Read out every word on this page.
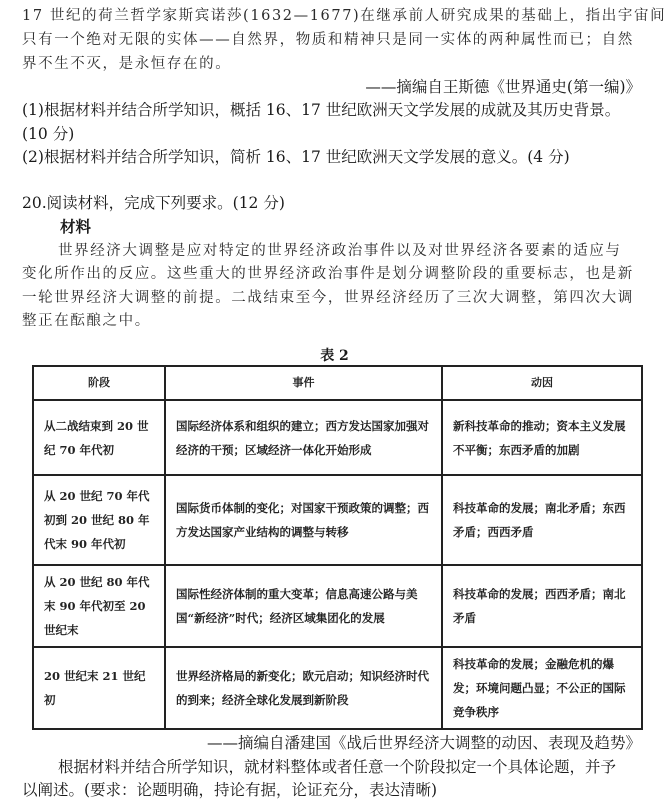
17 世纪的荷兰哲学家斯宾诺莎(1632—1677)在继承前人研究成果的基础上，指出宇宙间
只有一个绝对无限的实体——自然界，物质和精神只是同一实体的两种属性而已；自然
界不生不灭，是永恒存在的。
——摘编自王斯德《世界通史(第一编)》
(1)根据材料并结合所学知识，概括 16、17 世纪欧洲天文学发展的成就及其历史背景。
(10 分)
(2)根据材料并结合所学知识，简析 16、17 世纪欧洲天文学发展的意义。(4 分)
20.阅读材料，完成下列要求。(12 分)
材料
世界经济大调整是应对特定的世界经济政治事件以及对世界经济各要素的适应与
变化所作出的反应。这些重大的世界经济政治事件是划分调整阶段的重要标志，也是新
一轮世界经济大调整的前提。二战结束至今，世界经济经历了三次大调整，第四次大调
整正在酝酿之中。
表 2
阶段	事件	动因
从二战结束到 20 世纪 70 年代初	国际经济体系和组织的建立；西方发达国家加强对经济的干预；区域经济一体化开始形成	新科技革命的推动；资本主义发展不平衡；东西矛盾的加剧
从 20 世纪 70 年代初到 20 世纪 80 年代末 90 年代初	国际货币体制的变化；对国家干预政策的调整；西方发达国家产业结构的调整与转移	科技革命的发展；南北矛盾；东西矛盾；西西矛盾
从 20 世纪 80 年代末 90 年代初至 20 世纪末	国际性经济体制的重大变革；信息高速公路与美国“新经济”时代；经济区域集团化的发展	科技革命的发展；西西矛盾；南北矛盾
20 世纪末 21 世纪初	世界经济格局的新变化；欧元启动；知识经济时代的到来；经济全球化发展到新阶段	科技革命的发展；金融危机的爆发；环境问题凸显；不公正的国际竞争秩序
——摘编自潘建国《战后世界经济大调整的动因、表现及趋势》
根据材料并结合所学知识，就材料整体或者任意一个阶段拟定一个具体论题，并予
以阐述。(要求：论题明确，持论有据，论证充分，表达清晰)
